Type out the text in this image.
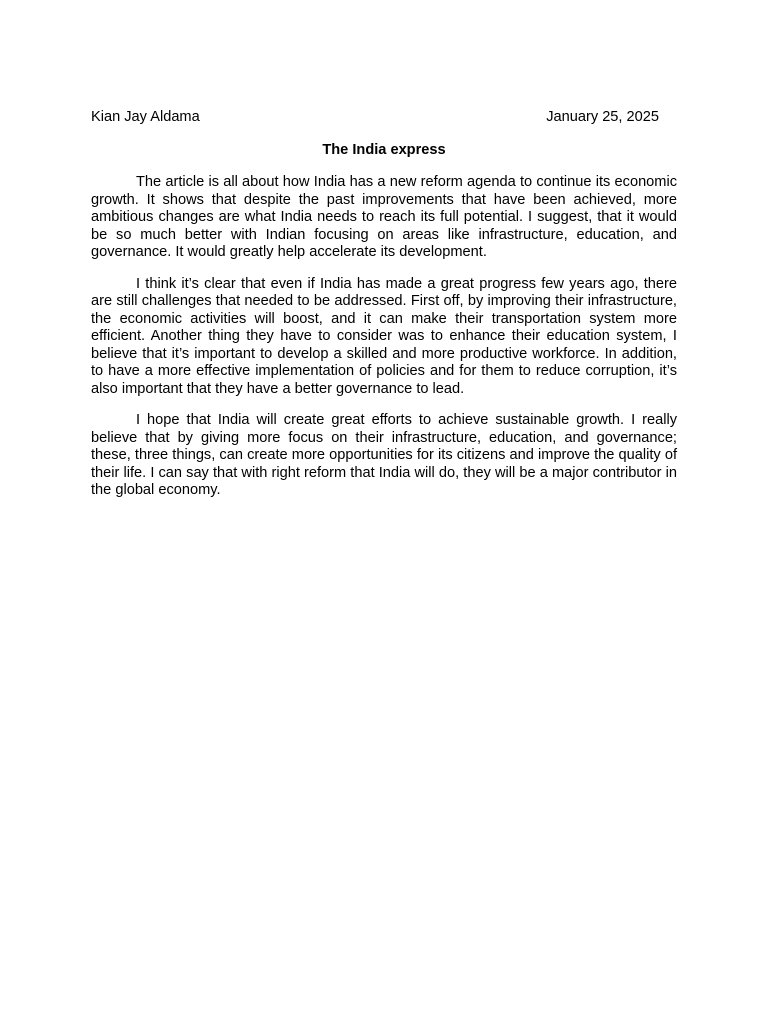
Kian Jay Aldama	January 25, 2025
The India express

The article is all about how India has a new reform agenda to continue its economic growth. It shows that despite the past improvements that have been achieved, more ambitious changes are what India needs to reach its full potential. I suggest, that it would be so much better with Indian focusing on areas like infrastructure, education, and governance. It would greatly help accelerate its development.

I think it’s clear that even if India has made a great progress few years ago, there are still challenges that needed to be addressed. First off, by improving their infrastructure, the economic activities will boost, and it can make their transportation system more efficient. Another thing they have to consider was to enhance their education system, I believe that it’s important to develop a skilled and more productive workforce. In addition, to have a more effective implementation of policies and for them to reduce corruption, it’s also important that they have a better governance to lead.

I hope that India will create great efforts to achieve sustainable growth. I really believe that by giving more focus on their infrastructure, education, and governance; these, three things, can create more opportunities for its citizens and improve the quality of their life. I can say that with right reform that India will do, they will be a major contributor in the global economy.
